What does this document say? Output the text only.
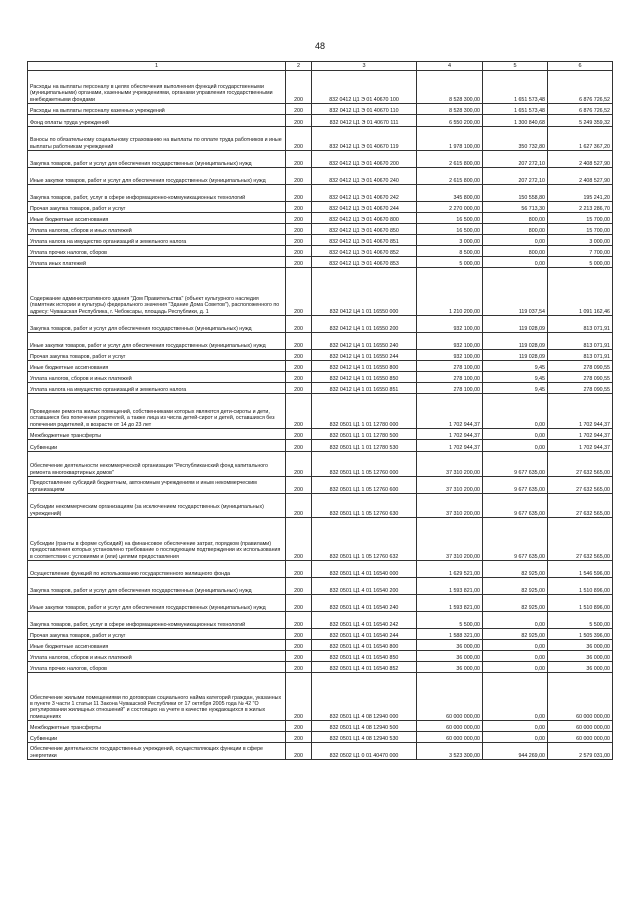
48
1	2	3	4	5	6
Расходы на выплаты персоналу в целях обеспечения выполнения функций государственными (муниципальными) органами, казенными учреждениями, органами управления государственными внебюджетными фондами	200	832 0412 Ц1 Э 01 40670 100	8 528 300,00	1 651 573,48	6 876 726,52
Расходы на выплаты персоналу казенных учреждений	200	832 0412 Ц1 Э 01 40670 110	8 528 300,00	1 651 573,48	6 876 726,52
Фонд оплаты труда учреждений	200	832 0412 Ц1 Э 01 40670 111	6 550 200,00	1 300 840,68	5 249 359,32
Взносы по обязательному социальному страхованию на выплаты по оплате труда работников и иные выплаты работникам учреждений	200	832 0412 Ц1 Э 01 40670 119	1 978 100,00	350 732,80	1 627 367,20
Закупка товаров, работ и услуг для обеспечения государственных (муниципальных) нужд	200	832 0412 Ц1 Э 01 40670 200	2 615 800,00	207 272,10	2 408 527,90
Иные закупки товаров, работ и услуг для обеспечения государственных (муниципальных) нужд	200	832 0412 Ц1 Э 01 40670 240	2 615 800,00	207 272,10	2 408 527,90
Закупка товаров, работ, услуг в сфере информационно-коммуникационных технологий	200	832 0412 Ц1 Э 01 40670 242	345 800,00	150 558,80	195 241,20
Прочая закупка товаров, работ и услуг	200	832 0412 Ц1 Э 01 40670 244	2 270 000,00	56 713,30	2 213 286,70
Иные бюджетные ассигнования	200	832 0412 Ц1 Э 01 40670 800	16 500,00	800,00	15 700,00
Уплата налогов, сборов и иных платежей	200	832 0412 Ц1 Э 01 40670 850	16 500,00	800,00	15 700,00
Уплата налога на имущество организаций и земельного налога	200	832 0412 Ц1 Э 01 40670 851	3 000,00	0,00	3 000,00
Уплата прочих налогов, сборов	200	832 0412 Ц1 Э 01 40670 852	8 500,00	800,00	7 700,00
Уплата иных платежей	200	832 0412 Ц1 Э 01 40670 853	5 000,00	0,00	5 000,00
Содержание административного здания "Дом Правительства" (объект культурного наследия (памятник истории и культуры) федерального значения "Здание Домa Советов"), расположенного по адресу: Чувашская Республика, г. Чебоксары, площадь Республики, д. 1	200	832 0412 Ц4 1 01 16550 000	1 210 200,00	119 037,54	1 091 162,46
Закупка товаров, работ и услуг для обеспечения государственных (муниципальных) нужд	200	832 0412 Ц4 1 01 16550 200	932 100,00	119 028,09	813 071,91
Иные закупки товаров, работ и услуг для обеспечения государственных (муниципальных) нужд	200	832 0412 Ц4 1 01 16550 240	932 100,00	119 028,09	813 071,91
Прочая закупка товаров, работ и услуг	200	832 0412 Ц4 1 01 16550 244	932 100,00	119 028,09	813 071,91
Иные бюджетные ассигнования	200	832 0412 Ц4 1 01 16550 800	278 100,00	9,45	278 090,55
Уплата налогов, сборов и иных платежей	200	832 0412 Ц4 1 01 16550 850	278 100,00	9,45	278 090,55
Уплата налога на имущество организаций и земельного налога	200	832 0412 Ц4 1 01 16550 851	278 100,00	9,45	278 090,55
Проведение ремонта жилых помещений, собственниками которых являются дети-сироты и дети, оставшиеся без попечения родителей, а также лица из числа детей-сирот и детей, оставшихся без попечения родителей, в возрасте от 14 до 23 лет	200	832 0501 Ц1 1 01 12780 000	1 702 944,37	0,00	1 702 944,37
Межбюджетные трансферты	200	832 0501 Ц1 1 01 12780 500	1 702 944,37	0,00	1 702 944,37
Субвенции	200	832 0501 Ц1 1 01 12780 530	1 702 944,37	0,00	1 702 944,37
Обеспечение деятельности некоммерческой организации "Республиканский фонд капитального ремонта многоквартирных домов"	200	832 0501 Ц1 1 05 12760 000	37 310 200,00	9 677 635,00	27 632 565,00
Предоставление субсидий бюджетным, автономным учреждениям и иным некоммерческим организациям	200	832 0501 Ц1 1 05 12760 600	37 310 200,00	9 677 635,00	27 632 565,00
Субсидии некоммерческим организациям (за исключением государственных (муниципальных) учреждений)	200	832 0501 Ц1 1 05 12760 630	37 310 200,00	9 677 635,00	27 632 565,00
Субсидии (гранты в форме субсидий) на финансовое обеспечение затрат, порядком (правилами) предоставления которых установлено требование о последующем подтверждении их использования в соответствии с условиями и (или) целями предоставления	200	832 0501 Ц1 1 05 12760 632	37 310 200,00	9 677 635,00	27 632 565,00
Осуществление функций по использованию государственного жилищного фонда	200	832 0501 Ц1 4 01 16540 000	1 629 521,00	82 925,00	1 546 596,00
Закупка товаров, работ и услуг для обеспечения государственных (муниципальных) нужд	200	832 0501 Ц1 4 01 16540 200	1 593 821,00	82 925,00	1 510 896,00
Иные закупки товаров, работ и услуг для обеспечения государственных (муниципальных) нужд	200	832 0501 Ц1 4 01 16540 240	1 593 821,00	82 925,00	1 510 896,00
Закупка товаров, работ, услуг в сфере информационно-коммуникационных технологий	200	832 0501 Ц1 4 01 16540 242	5 500,00	0,00	5 500,00
Прочая закупка товаров, работ и услуг	200	832 0501 Ц1 4 01 16540 244	1 588 321,00	82 925,00	1 505 396,00
Иные бюджетные ассигнования	200	832 0501 Ц1 4 01 16540 800	36 000,00	0,00	36 000,00
Уплата налогов, сборов и иных платежей	200	832 0501 Ц1 4 01 16540 850	36 000,00	0,00	36 000,00
Уплата прочих налогов, сборов	200	832 0501 Ц1 4 01 16540 852	36 000,00	0,00	36 000,00
Обеспечение жилыми помещениями по договорам социального найма категорий граждан, указанных в пункте 3 части 1 статьи 11 Закона Чувашской Республики от 17 октября 2005 года № 42 "О регулировании жилищных отношений" и состоящих на учете в качестве нуждающихся в жилых помещениях	200	832 0501 Ц1 4 08 12940 000	60 000 000,00	0,00	60 000 000,00
Межбюджетные трансферты	200	832 0501 Ц1 4 08 12940 500	60 000 000,00	0,00	60 000 000,00
Субвенции	200	832 0501 Ц1 4 08 12940 530	60 000 000,00	0,00	60 000 000,00
Обеспечение деятельности государственных учреждений, осуществляющих функции в сфере энергетики	200	832 0502 Ц1 0 01 40470 000	3 523 300,00	944 269,00	2 579 031,00
